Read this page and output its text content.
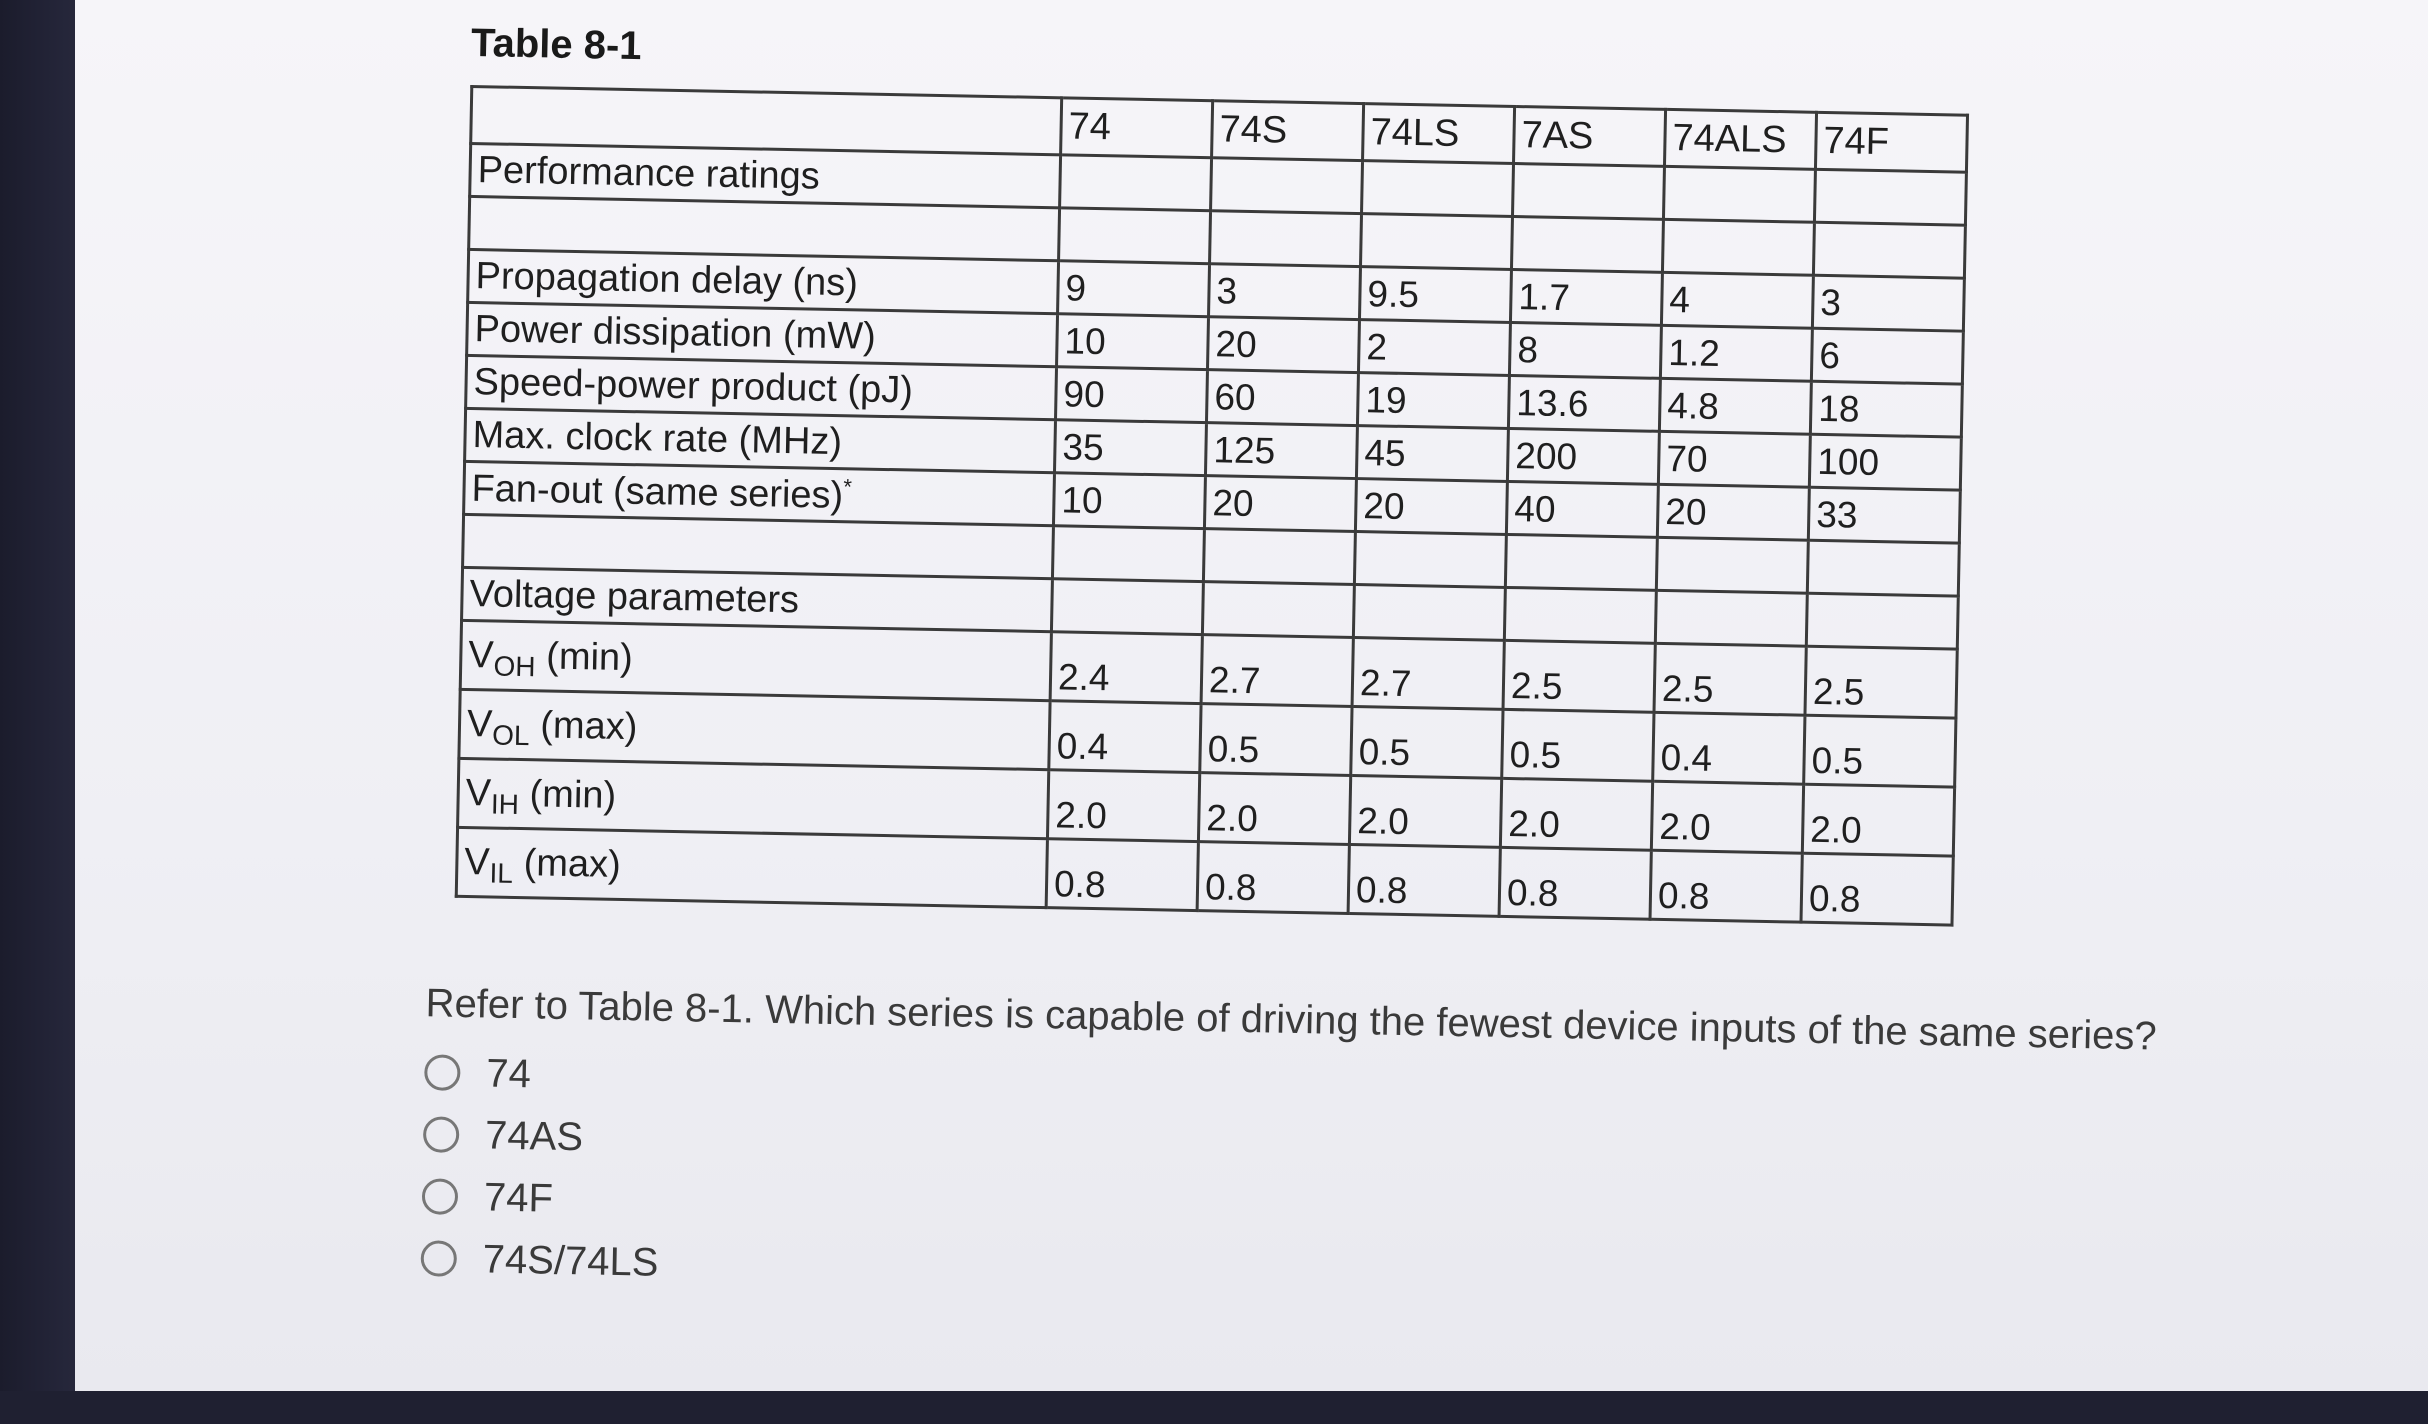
Table 8-1
	74	74S	74LS	7AS	74ALS	74F
Performance ratings						

Propagation delay (ns)	9	3	9.5	1.7	4	3
Power dissipation (mW)	10	20	2	8	1.2	6
Speed-power product (pJ)	90	60	19	13.6	4.8	18
Max. clock rate (MHz)	35	125	45	200	70	100
Fan-out (same series)*	10	20	20	40	20	33

Voltage parameters						
$V_{OH}$ (min)	2.4	2.7	2.7	2.5	2.5	2.5
$V_{OL}$ (max)	0.4	0.5	0.5	0.5	0.4	0.5
$V_{IH}$ (min)	2.0	2.0	2.0	2.0	2.0	2.0
$V_{IL}$ (max)	0.8	0.8	0.8	0.8	0.8	0.8
Refer to Table 8-1. Which series is capable of driving the fewest device inputs of the same series?
74
74AS
74F
74S/74LS
